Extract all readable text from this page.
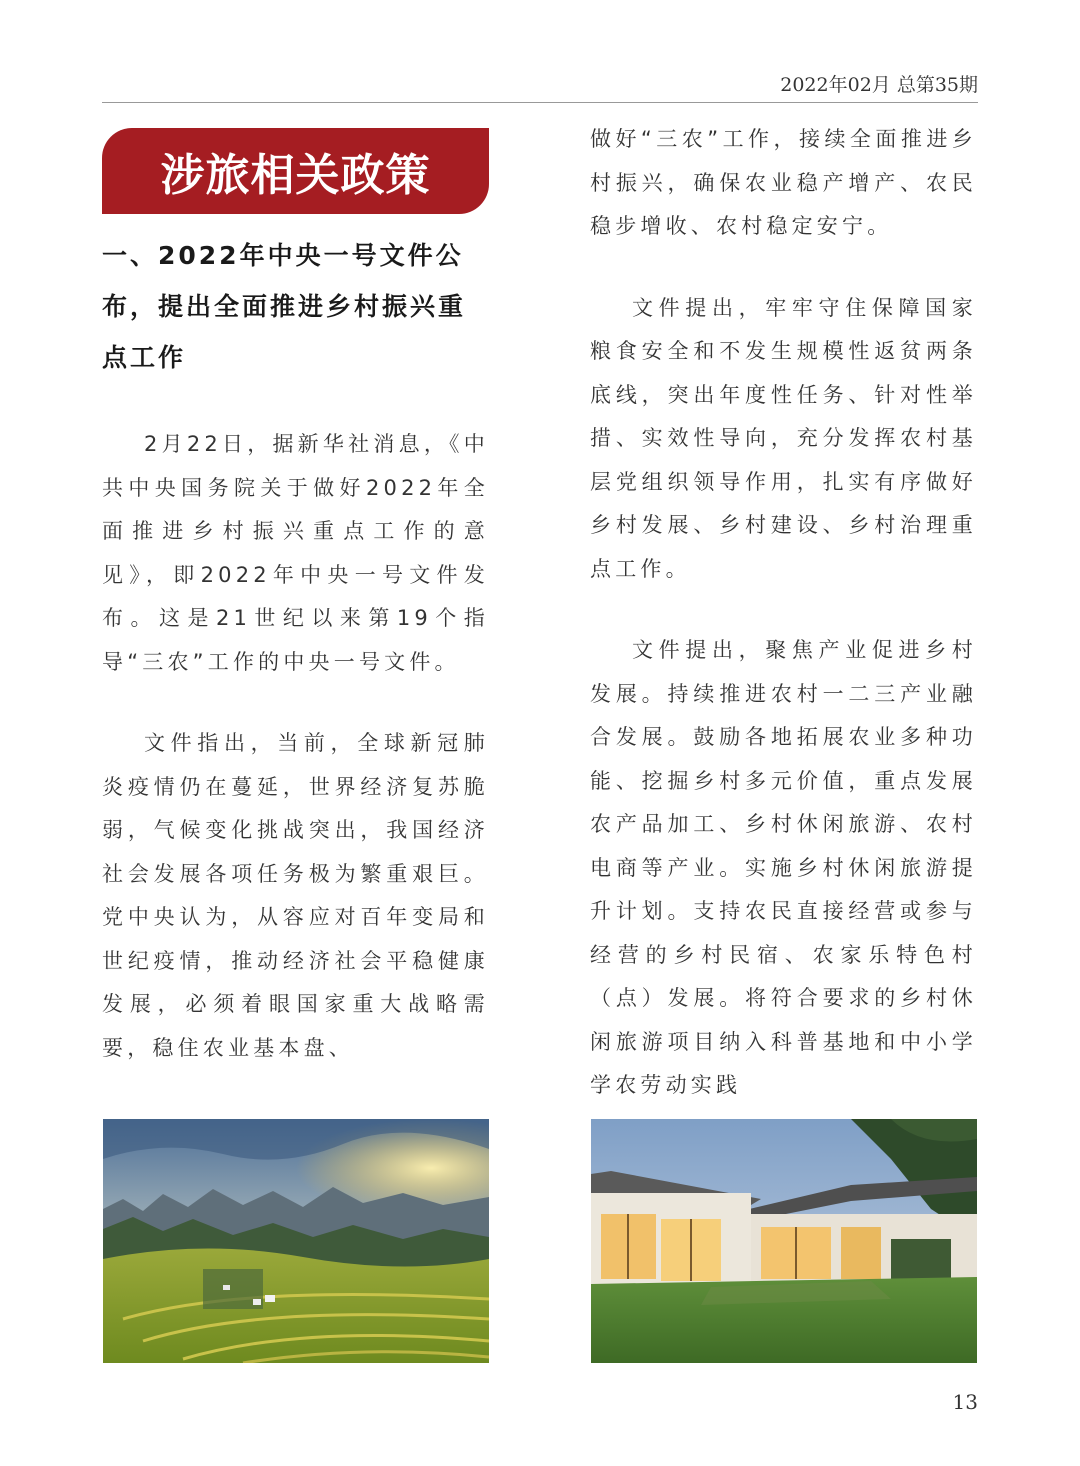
2022年02月 总第35期
涉旅相关政策
一、2022年中央一号文件公布，提出全面推进乡村振兴重点工作

2月22日，据新华社消息，《中共中央国务院关于做好2022年全面推进乡村振兴重点工作的意见》，即2022年中央一号文件发布。这是21世纪以来第19个指导“三农”工作的中央一号文件。

文件指出，当前，全球新冠肺炎疫情仍在蔓延，世界经济复苏脆弱，气候变化挑战突出，我国经济社会发展各项任务极为繁重艰巨。党中央认为，从容应对百年变局和世纪疫情，推动经济社会平稳健康发展，必须着眼国家重大战略需要，稳住农业基本盘、

做好“三农”工作，接续全面推进乡村振兴，确保农业稳产增产、农民稳步增收、农村稳定安宁。

文件提出，牢牢守住保障国家粮食安全和不发生规模性返贫两条底线，突出年度性任务、针对性举措、实效性导向，充分发挥农村基层党组织领导作用，扎实有序做好乡村发展、乡村建设、乡村治理重点工作。

文件提出，聚焦产业促进乡村发展。持续推进农村一二三产业融合发展。鼓励各地拓展农业多种功能、挖掘乡村多元价值，重点发展农产品加工、乡村休闲旅游、农村电商等产业。实施乡村休闲旅游提升计划。支持农民直接经营或参与经营的乡村民宿、农家乐特色村（点）发展。将符合要求的乡村休闲旅游项目纳入科普基地和中小学学农劳动实践

13
